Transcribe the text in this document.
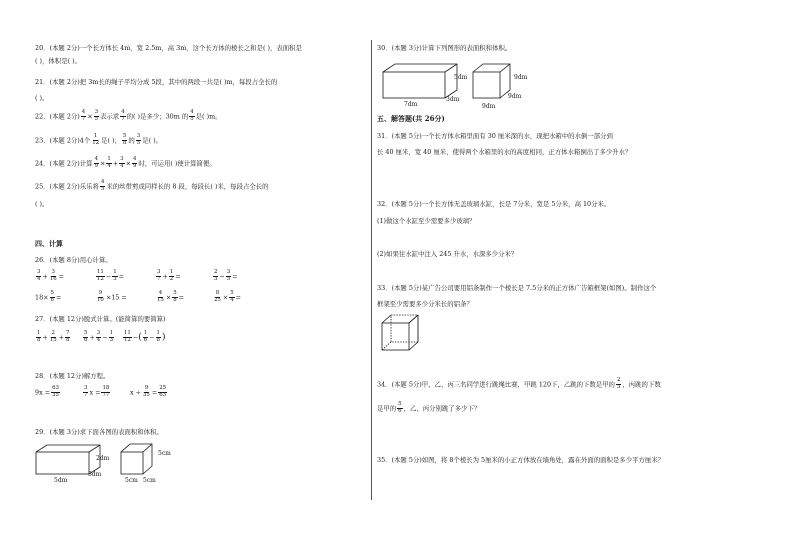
20．(本题 2分)一个长方体长 4m，宽 2.5m，高 3m，这个长方体的棱长之和是( )，表面积是
( )，体积是( )。
21．(本题 2分)把 3m长的绳子平均分成 5段，其中的两段一共是( )m，每段占全长的
( )。
22．(本题 2分) $\frac{4}{7} \times \frac{3}{5}$ 表示求 $\frac{4}{7}$ 的( )是多少；30m 的 $\frac{4}{5}$ 是( )m。
23．(本题 2分)4个 $\frac{1}{12}$ 是( )， $\frac{5}{8}$ 的 $\frac{3}{5}$ 是( )。
24．(本题 2分)计算 $\frac{4}{9} \times \frac{1}{4} + \frac{3}{4} \times \frac{4}{9}$ 时，可运用( )使计算简便。
25．(本题 2分)乐乐将 $\frac{4}{5}$ 米的丝带剪成同样长的 8 段，每段长( )米，每段占全长的
( )。
四、计算
26．(本题 8分)用心计算。
$\frac{3}{4} + \frac{3}{16}$ =	$\frac{11}{12} - \frac{1}{3}$ =	$\frac{3}{7} + \frac{1}{2}$ =	$\frac{2}{3} - \frac{3}{5}$ =
$18\times \frac{5}{6}$ =	$\frac{9}{10} \times 15$ =	$\frac{4}{15} \times \frac{5}{8}$ =	$\frac{8}{25} \times \frac{5}{4}$ =
27．(本题 12分)脱式计算。(能简算的要简算)
$\frac{1}{8} + \frac{2}{15} + \frac{7}{8} \frac{5}{6} + \frac{3}{4} - \frac{1}{3} \frac{11}{12}$ −( $\frac{1}{6} - \frac{1}{8}$ )
28．(本题 12分)解方程。
$9x = \frac{63}{35}$	$\frac{3}{7}$ $x = \frac{18}{77}$	$x \div \frac{9}{35} = \frac{25}{63}$
29．(本题 3分)求下面各图的表面积和体积。
2dm
3dm
5dm
5cm
5cm
5cm
30．(本题 3分)计算下列图形的表面积和体积。
5dm
3dm
7dm
9dm
9dm
9dm
五、解答题(共 26分)
31．(本题 5分)一个长方体水箱里面有 30 厘米深的水，现把水箱中的水倒一部分到
长 40 厘米，宽 40 厘米，使得两个水箱里的水的高度相同，正方体水箱倒出了多少升水？
32．(本题 5分)一个长方体无盖玻璃水缸，长是 7分米，宽是 5分米，高 10分米。
(1)做这个水缸至少需要多少玻璃？
(2)如果往水缸中注入 245 升水，水深多少分米？
33．(本题 5分)某广告公司要用铝条制作一个棱长是 7.5分米的正方体广告箱框架(如图)。制作这个
框架至少需要多少分米长的铝条？
34．(本题 5分)甲、乙、丙三名同学进行跳绳比赛，甲跳 120下，乙跳的下数是甲的 $\frac{2}{3}$ ，丙跳的下数
是甲的 $\frac{5}{6}$ ，乙、丙分别跳了多少下？
35．(本题 5分)如图，将 8个棱长为 5厘米的小正方体放在墙角处，露在外面的面积是多少平方厘米？
